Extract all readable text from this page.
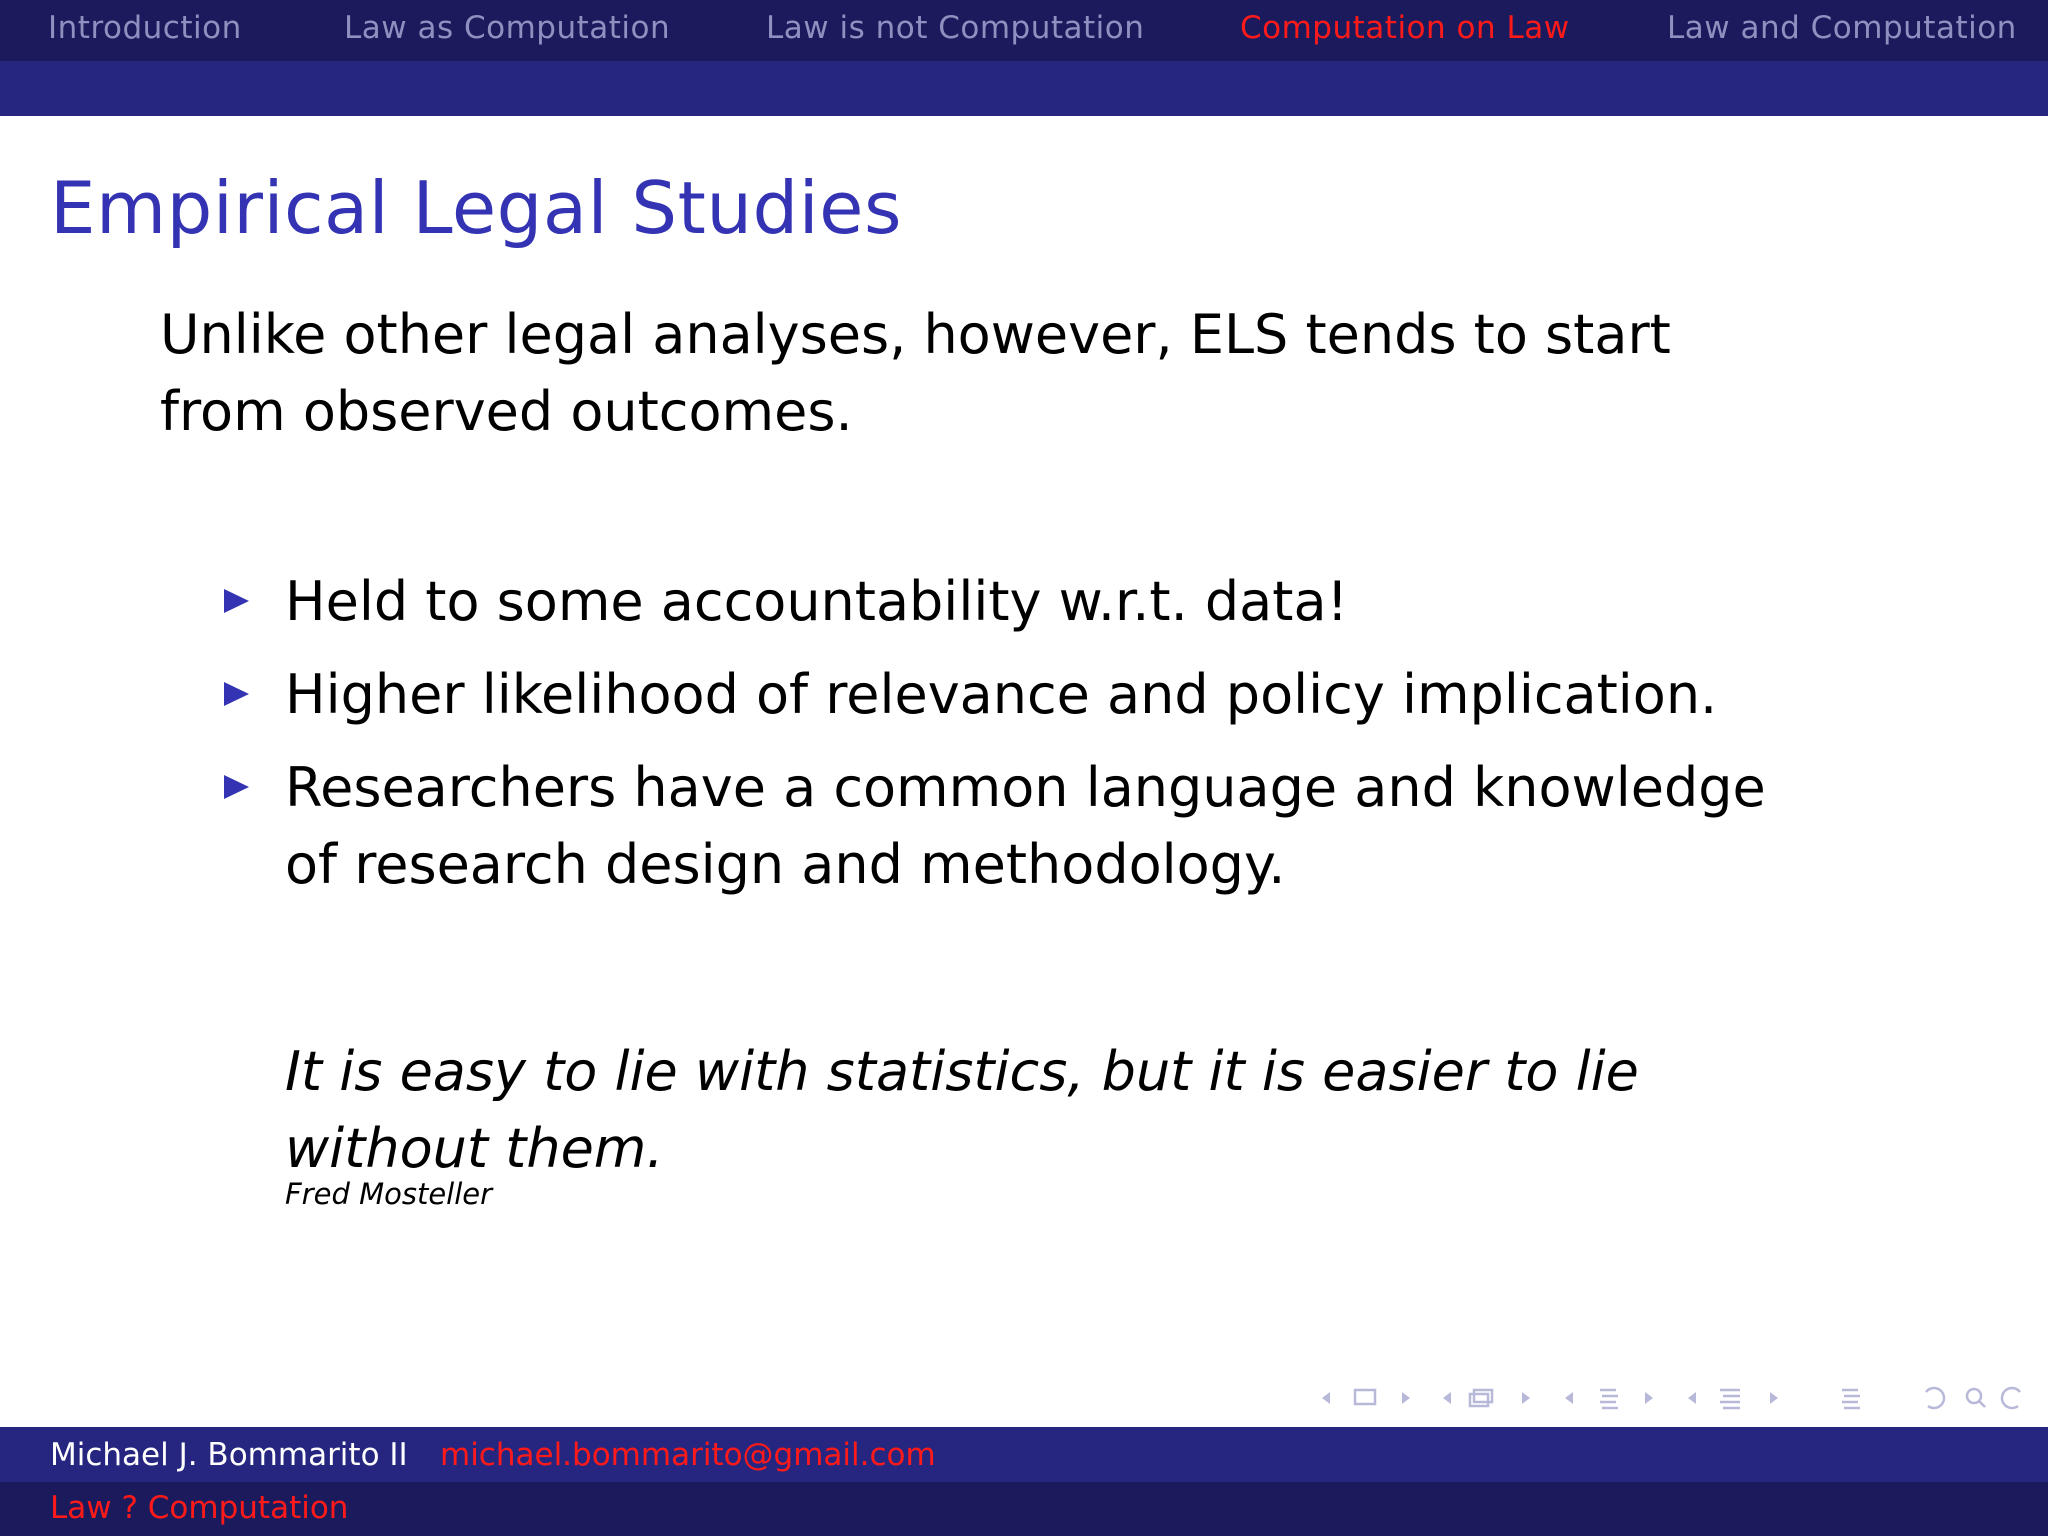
Introduction	Law as Computation	Law is not Computation	Computation on Law	Law and Computation
Empirical Legal Studies

Unlike other legal analyses, however, ELS tends to start from observed outcomes.

Held to some accountability w.r.t. data!
Higher likelihood of relevance and policy implication.
Researchers have a common language and knowledge of research design and methodology.

It is easy to lie with statistics, but it is easier to lie without them.

Fred Mosteller
Michael J. Bommarito II michael.bommarito@gmail.com
Law ? Computation
